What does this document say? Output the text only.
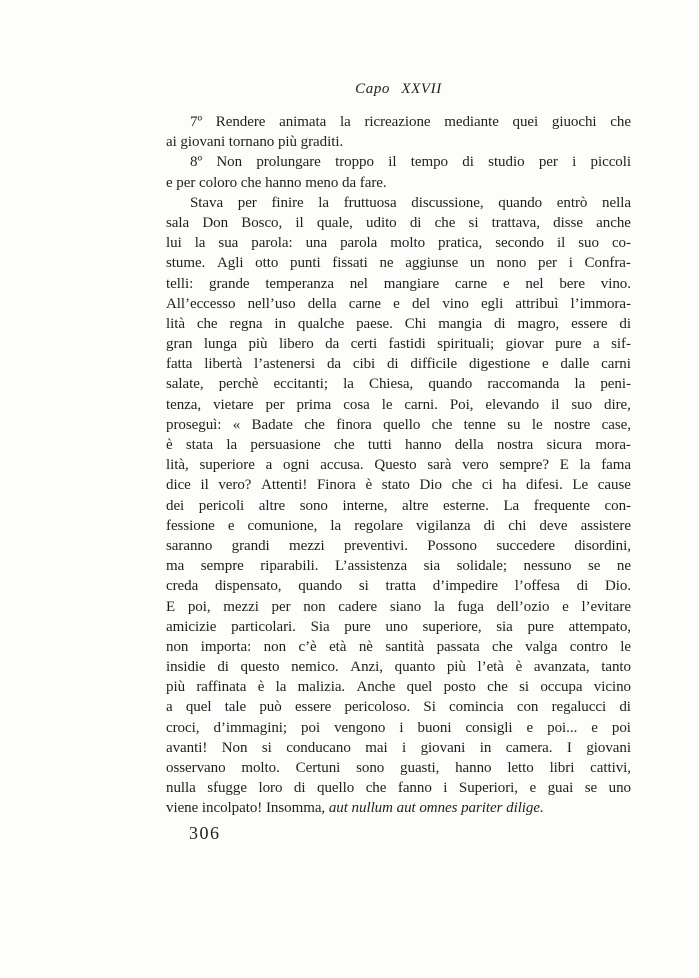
Capo XXVII
7º Rendere animata la ricreazione mediante quei giuochi che
ai giovani tornano più graditi.
8º Non prolungare troppo il tempo di studio per i piccoli
e per coloro che hanno meno da fare.
Stava per finire la fruttuosa discussione, quando entrò nella
sala Don Bosco, il quale, udito di che si trattava, disse anche
lui la sua parola: una parola molto pratica, secondo il suo co-
stume. Agli otto punti fissati ne aggiunse un nono per i Confra-
telli: grande temperanza nel mangiare carne e nel bere vino.
All’eccesso nell’uso della carne e del vino egli attribuì l’immora-
lità che regna in qualche paese. Chi mangia di magro, essere di
gran lunga più libero da certi fastidi spirituali; giovar pure a sif-
fatta libertà l’astenersi da cibi di difficile digestione e dalle carni
salate, perchè eccitanti; la Chiesa, quando raccomanda la peni-
tenza, vietare per prima cosa le carni. Poi, elevando il suo dire,
proseguì: « Badate che finora quello che tenne su le nostre case,
è stata la persuasione che tutti hanno della nostra sicura mora-
lità, superiore a ogni accusa. Questo sarà vero sempre? E la fama
dice il vero? Attenti! Finora è stato Dio che ci ha difesi. Le cause
dei pericoli altre sono interne, altre esterne. La frequente con-
fessione e comunione, la regolare vigilanza di chi deve assistere
saranno grandi mezzi preventivi. Possono succedere disordini,
ma sempre riparabili. L’assistenza sia solidale; nessuno se ne
creda dispensato, quando si tratta d’impedire l’offesa di Dio.
E poi, mezzi per non cadere siano la fuga dell’ozio e l’evitare
amicizie particolari. Sia pure uno superiore, sia pure attempato,
non importa: non c’è età nè santità passata che valga contro le
insidie di questo nemico. Anzi, quanto più l’età è avanzata, tanto
più raffinata è la malizia. Anche quel posto che si occupa vicino
a quel tale può essere pericoloso. Si comincia con regalucci di
croci, d’immagini; poi vengono i buoni consigli e poi... e poi
avanti! Non si conducano mai i giovani in camera. I giovani
osservano molto. Certuni sono guasti, hanno letto libri cattivi,
nulla sfugge loro di quello che fanno i Superiori, e guai se uno
viene incolpato! Insomma, aut nullum aut omnes pariter dilige.
306
